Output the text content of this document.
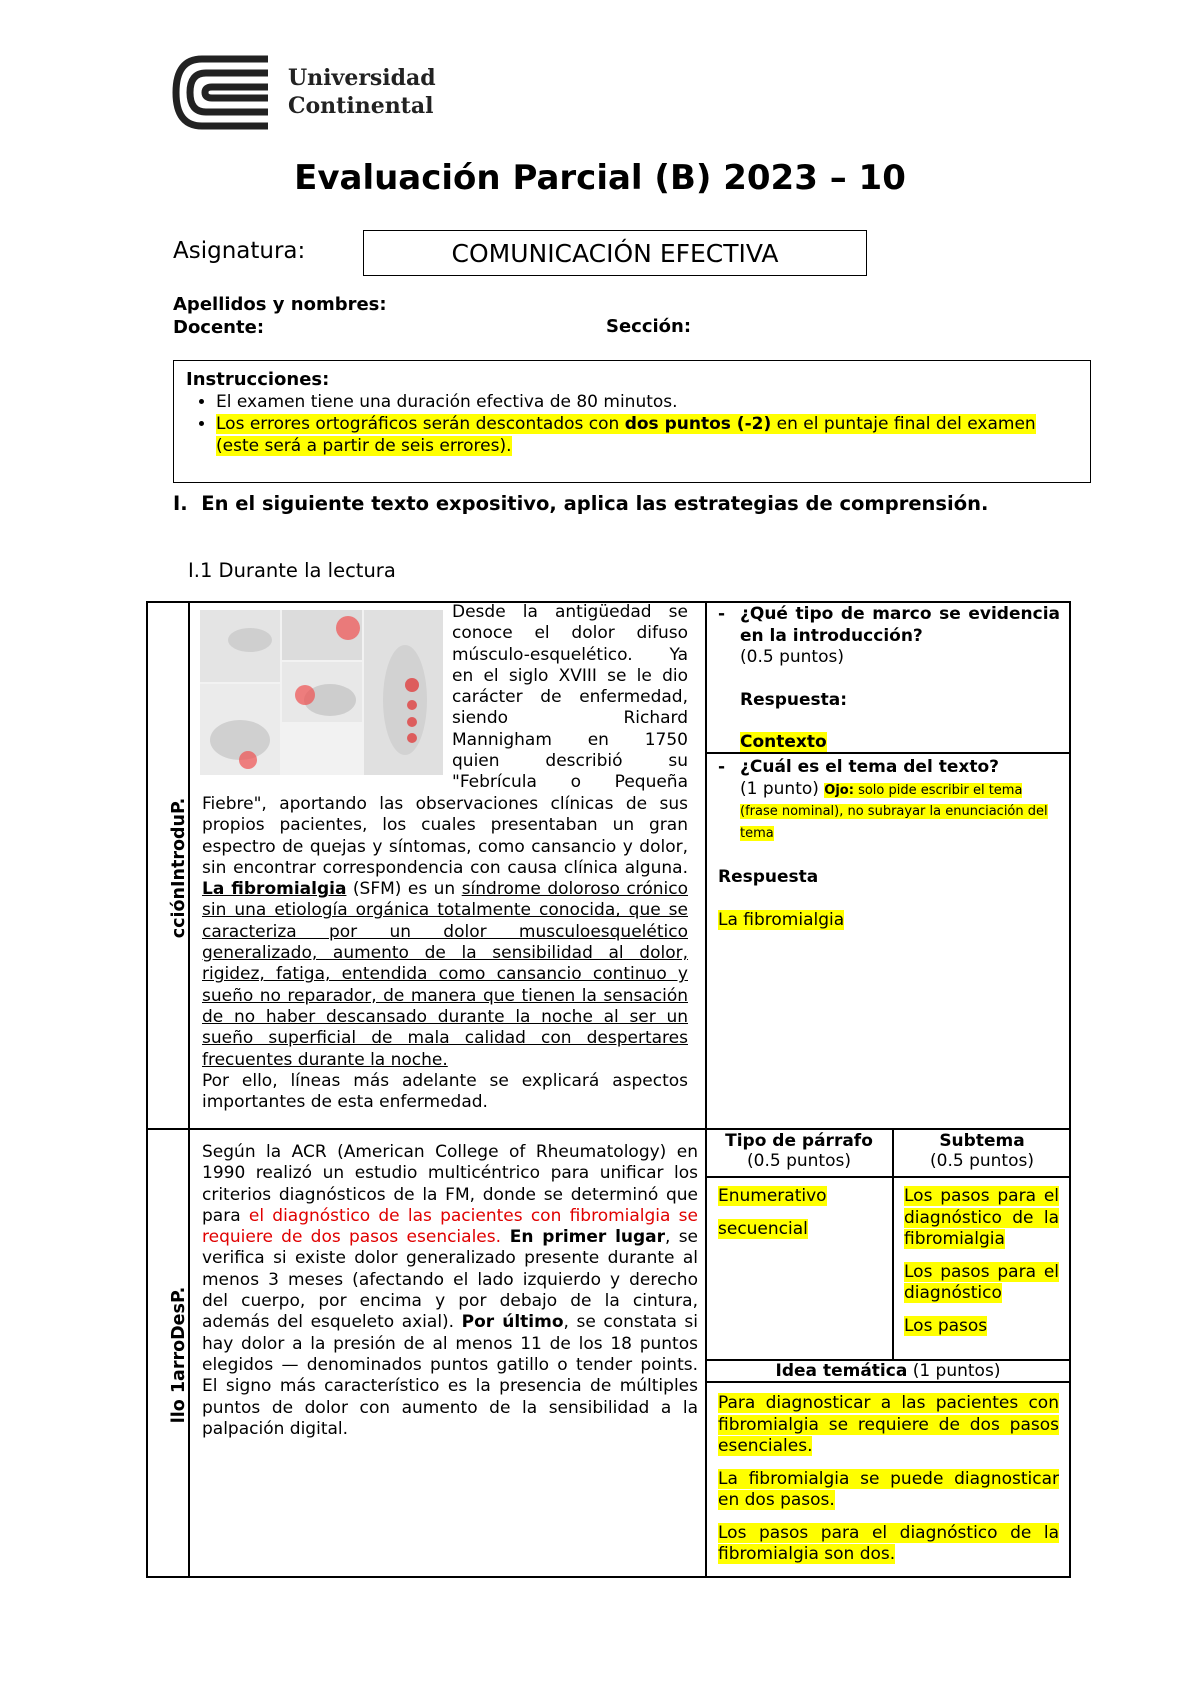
Universidad
Continental
Evaluación Parcial (B) 2023 – 10
Asignatura:	COMUNICACIÓN EFECTIVA
Apellidos y nombres:
Docente:	Sección:
Instrucciones:
• El examen tiene una duración efectiva de 80 minutos.
• Los errores ortográficos serán descontados con dos puntos (-2) en el puntaje final del examen (este será a partir de seis errores).
I. En el siguiente texto expositivo, aplica las estrategias de comprensión.
I.1 Durante la lectura
cciónIntroduP.
llo 1arroDesP.
Desde la antigüedad se
conoce el dolor difuso
músculo-esquelético. Ya
en el siglo XVIII se le dio
carácter de enfermedad,
siendo Richard
Mannigham en 1750
quien describió su
"Febrícula o Pequeña
Fiebre", aportando las observaciones clínicas de sus propios pacientes, los cuales presentaban un gran espectro de quejas y síntomas, como cansancio y dolor, sin encontrar correspondencia con causa clínica alguna. La fibromialgia (SFM) es un síndrome doloroso crónico sin una etiología orgánica totalmente conocida, que se caracteriza por un dolor musculoesquelético generalizado, aumento de la sensibilidad al dolor, rigidez, fatiga, entendida como cansancio continuo y sueño no reparador, de manera que tienen la sensación de no haber descansado durante la noche al ser un sueño superficial de mala calidad con despertares frecuentes durante la noche.
Por ello, líneas más adelante se explicará aspectos importantes de esta enfermedad.
- ¿Qué tipo de marco se evidencia en la introducción?
(0.5 puntos)
Respuesta:
Contexto
- ¿Cuál es el tema del texto?
(1 punto) Ojo: solo pide escribir el tema (frase nominal), no subrayar la enunciación del tema
Respuesta
La fibromialgia
Según la ACR (American College of Rheumatology) en 1990 realizó un estudio multicéntrico para unificar los criterios diagnósticos de la FM, donde se determinó que para el diagnóstico de las pacientes con fibromialgia se requiere de dos pasos esenciales. En primer lugar, se verifica si existe dolor generalizado presente durante al menos 3 meses (afectando el lado izquierdo y derecho del cuerpo, por encima y por debajo de la cintura, además del esqueleto axial). Por último, se constata si hay dolor a la presión de al menos 11 de los 18 puntos elegidos — denominados puntos gatillo o tender points. El signo más característico es la presencia de múltiples puntos de dolor con aumento de la sensibilidad a la palpación digital.
Tipo de párrafo
(0.5 puntos)
Subtema
(0.5 puntos)
Enumerativo
secuencial
Los pasos para el diagnóstico de la fibromialgia
Los pasos para el diagnóstico
Los pasos
Idea temática (1 puntos)
Para diagnosticar a las pacientes con fibromialgia se requiere de dos pasos esenciales.
La fibromialgia se puede diagnosticar en dos pasos.
Los pasos para el diagnóstico de la fibromialgia son dos.
